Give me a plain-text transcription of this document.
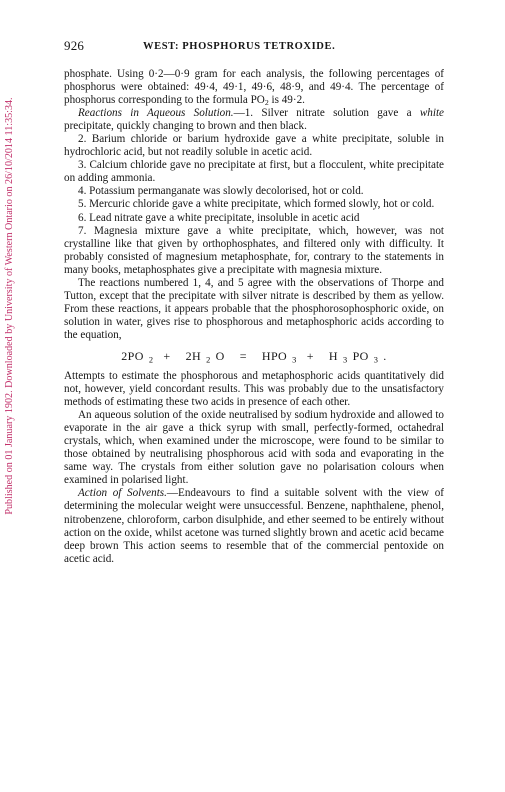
Published on 01 January 1902. Downloaded by University of Western Ontario on 26/10/2014 11:35:34.
926	WEST: PHOSPHORUS TETROXIDE.

phosphate. Using 0·2—0·9 gram for each analysis, the following percentages of phosphorus were obtained: 49·4, 49·1, 49·6, 48·9, and 49·4. The percentage of phosphorus corresponding to the formula $PO_2$ is 49·2.

Reactions in Aqueous Solution.—1. Silver nitrate solution gave a white precipitate, quickly changing to brown and then black.

2. Barium chloride or barium hydroxide gave a white precipitate, soluble in hydrochloric acid, but not readily soluble in acetic acid.

3. Calcium chloride gave no precipitate at first, but a flocculent, white precipitate on adding ammonia.

4. Potassium permanganate was slowly decolorised, hot or cold.

5. Mercuric chloride gave a white precipitate, which formed slowly, hot or cold.

6. Lead nitrate gave a white precipitate, insoluble in acetic acid

7. Magnesia mixture gave a white precipitate, which, however, was not crystalline like that given by orthophosphates, and filtered only with difficulty. It probably consisted of magnesium metaphosphate, for, contrary to the statements in many books, metaphosphates give a precipitate with magnesia mixture.

The reactions numbered 1, 4, and 5 agree with the observations of Thorpe and Tutton, except that the precipitate with silver nitrate is described by them as yellow. From these reactions, it appears probable that the phosphorosophosphoric oxide, on solution in water, gives rise to phosphorous and metaphosphoric acids according to the equation,

2PO $_2$ + 2H $_2$ O = HPO $_3$ + H $_3$ PO $_3$ .

Attempts to estimate the phosphorous and metaphosphoric acids quantitatively did not, however, yield concordant results. This was probably due to the unsatisfactory methods of estimating these two acids in presence of each other.

An aqueous solution of the oxide neutralised by sodium hydroxide and allowed to evaporate in the air gave a thick syrup with small, perfectly-formed, octahedral crystals, which, when examined under the microscope, were found to be similar to those obtained by neutralising phosphorous acid with soda and evaporating in the same way. The crystals from either solution gave no polarisation colours when examined in polarised light.

Action of Solvents.—Endeavours to find a suitable solvent with the view of determining the molecular weight were unsuccessful. Benzene, naphthalene, phenol, nitrobenzene, chloroform, carbon disulphide, and ether seemed to be entirely without action on the oxide, whilst acetone was turned slightly brown and acetic acid became deep brown This action seems to resemble that of the commercial pentoxide on acetic acid.
